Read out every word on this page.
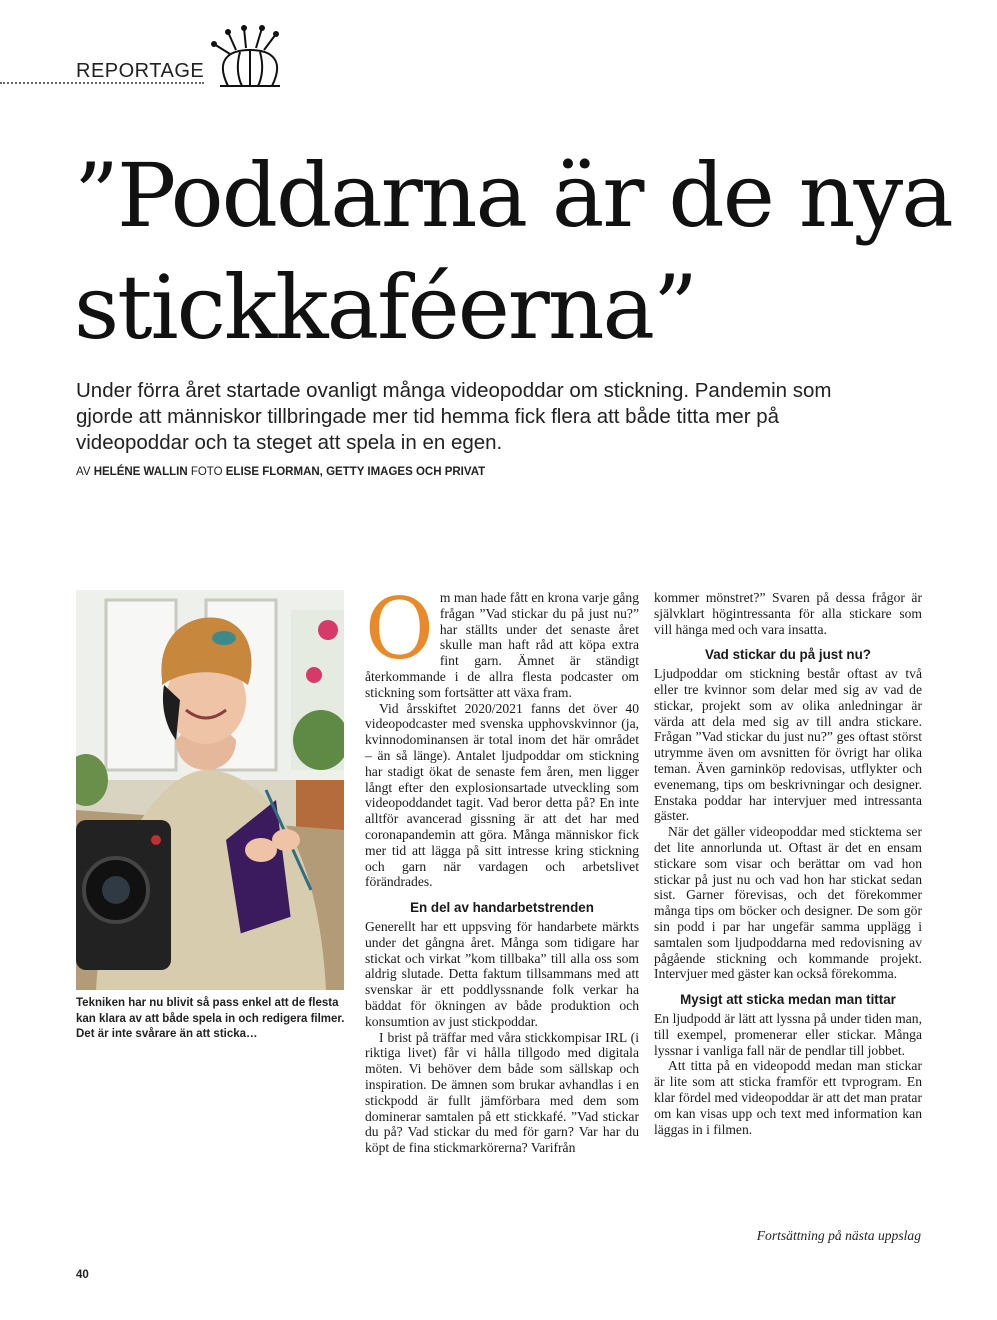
REPORTAGE
”Poddarna är de nya stickkaféerna”

Under förra året startade ovanligt många videopoddar om stickning. Pandemin som gjorde att människor tillbringade mer tid hemma fick flera att både titta mer på videopoddar och ta steget att spela in en egen.

AV HELÉNE WALLIN FOTO ELISE FLORMAN, GETTY IMAGES OCH PRIVAT

Tekniken har nu blivit så pass enkel att de flesta kan klara av att både spela in och redigera filmer. Det är inte svårare än att sticka…

O m man hade fått en krona varje gång frågan ”Vad stickar du på just nu?” har ställts under det senaste året skulle man haft råd att köpa extra fint garn. Ämnet är ständigt återkommande i de allra flesta podcaster om stickning som fortsätter att växa fram.

Vid årsskiftet 2020/2021 fanns det över 40 videopodcaster med svenska upphovskvinnor (ja, kvinnodominansen är total inom det här området – än så länge). Antalet ljudpoddar om stickning har stadigt ökat de senaste fem åren, men ligger långt efter den explosionsartade utveckling som videopoddandet tagit. Vad beror detta på? En inte alltför avancerad gissning är att det har med coronapandemin att göra. Många människor fick mer tid att lägga på sitt intresse kring stickning och garn när vardagen och arbetslivet förändrades.

En del av handarbetstrenden

Generellt har ett uppsving för handarbete märkts under det gångna året. Många som tidigare har stickat och virkat ”kom tillbaka” till alla oss som aldrig slutade. Detta faktum tillsammans med att svenskar är ett poddlyssnande folk verkar ha bäddat för ökningen av både produktion och konsumtion av just stickpoddar.

I brist på träffar med våra stickkompisar IRL (i riktiga livet) får vi hålla tillgodo med digitala möten. Vi behöver dem både som sällskap och inspiration. De ämnen som brukar avhandlas i en stickpodd är fullt jämförbara med dem som dominerar samtalen på ett stickkafé. ”Vad stickar du på? Vad stickar du med för garn? Var har du köpt de fina stickmarkörerna? Varifrån

kommer mönstret?” Svaren på dessa frågor är självklart högintressanta för alla stickare som vill hänga med och vara insatta.

Vad stickar du på just nu?

Ljudpoddar om stickning består oftast av två eller tre kvinnor som delar med sig av vad de stickar, projekt som av olika anledningar är värda att dela med sig av till andra stickare. Frågan ”Vad stickar du just nu?” ges oftast störst utrymme även om avsnitten för övrigt har olika teman. Även garninköp redovisas, utflykter och evenemang, tips om beskrivningar och designer. Enstaka poddar har intervjuer med intressanta gäster.

När det gäller videopoddar med sticktema ser det lite annorlunda ut. Oftast är det en ensam stickare som visar och berättar om vad hon stickar på just nu och vad hon har stickat sedan sist. Garner förevisas, och det förekommer många tips om böcker och designer. De som gör sin podd i par har ungefär samma upplägg i samtalen som ljudpoddarna med redovisning av pågående stickning och kommande projekt. Intervjuer med gäster kan också förekomma.

Mysigt att sticka medan man tittar

En ljudpodd är lätt att lyssna på under tiden man, till exempel, promenerar eller stickar. Många lyssnar i vanliga fall när de pendlar till jobbet.

Att titta på en videopodd medan man stickar är lite som att sticka framför ett tvprogram. En klar fördel med videopoddar är att det man pratar om kan visas upp och text med information kan läggas in i filmen.

Fortsättning på nästa uppslag
40
